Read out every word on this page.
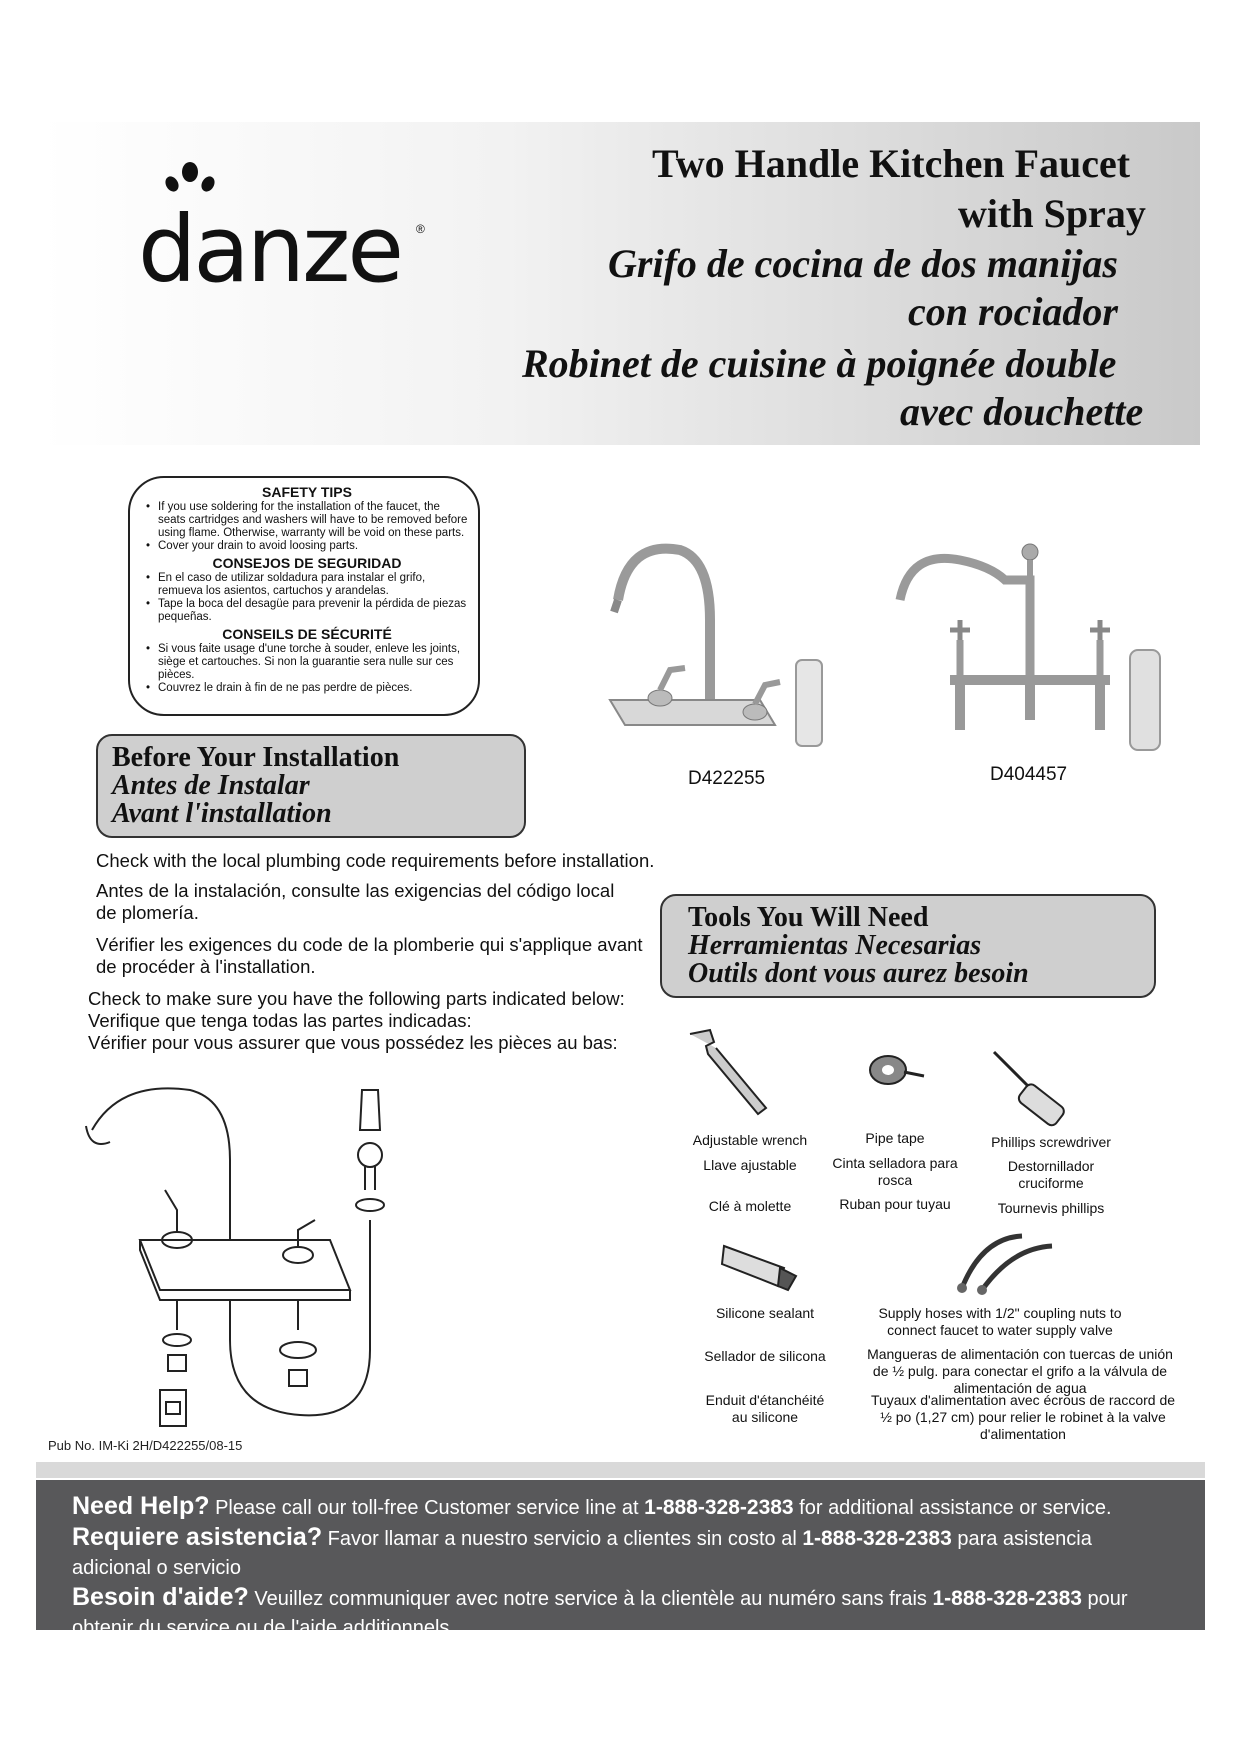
danze ®
Two Handle Kitchen Faucet
with Spray
Grifo de cocina de dos manijas
con rociador
Robinet de cuisine à poignée double
avec douchette
SAFETY TIPS
• If you use soldering for the installation of the faucet, the seats cartridges and washers will have to be removed before using flame. Otherwise, warranty will be void on these parts.
• Cover your drain to avoid loosing parts.
CONSEJOS DE SEGURIDAD
• En el caso de utilizar soldadura para instalar el grifo, remueva los asientos, cartuchos y arandelas.
• Tape la boca del desagüe para prevenir la pérdida de piezas pequeñas.
CONSEILS DE SÉCURITÉ
• Si vous faite usage d'une torche à souder, enleve les joints, siège et cartouches. Si non la guarantie sera nulle sur ces pièces.
• Couvrez le drain à fin de ne pas perdre de pièces.
D422255	D404457
Before Your Installation
Antes de Instalar
Avant l'installation
Check with the local plumbing code requirements before installation.
Antes de la instalación, consulte las exigencias del código local de plomería.
Vérifier les exigences du code de la plomberie qui s'applique avant de procéder à l'installation.
Check to make sure you have the following parts indicated below:
Verifique que tenga todas las partes indicadas:
Vérifier pour vous assurer que vous possédez les pièces au bas:
Pub No. IM-Ki 2H/D422255/08-15
Tools You Will Need
Herramientas Necesarias
Outils dont vous aurez besoin
Adjustable wrench
Llave ajustable
Clé à molette
Pipe tape
Cinta selladora para rosca
Ruban pour tuyau
Phillips screwdriver
Destornillador cruciforme
Tournevis phillips
Silicone sealant
Sellador de silicona
Enduit d'étanchéité au silicone
Supply hoses with 1/2" coupling nuts to connect faucet to water supply valve
Mangueras de alimentación con tuercas de unión de ½ pulg. para conectar el grifo a la válvula de alimentación de agua
Tuyaux d'alimentation avec écrous de raccord de ½ po (1,27 cm) pour relier le robinet à la valve d'alimentation
Need Help? Please call our toll-free Customer service line at 1-888-328-2383 for additional assistance or service.
Requiere asistencia? Favor llamar a nuestro servicio a clientes sin costo al 1-888-328-2383 para asistencia adicional o servicio
Besoin d'aide? Veuillez communiquer avec notre service à la clientèle au numéro sans frais 1-888-328-2383 pour obtenir du service ou de l'aide additionnels..
